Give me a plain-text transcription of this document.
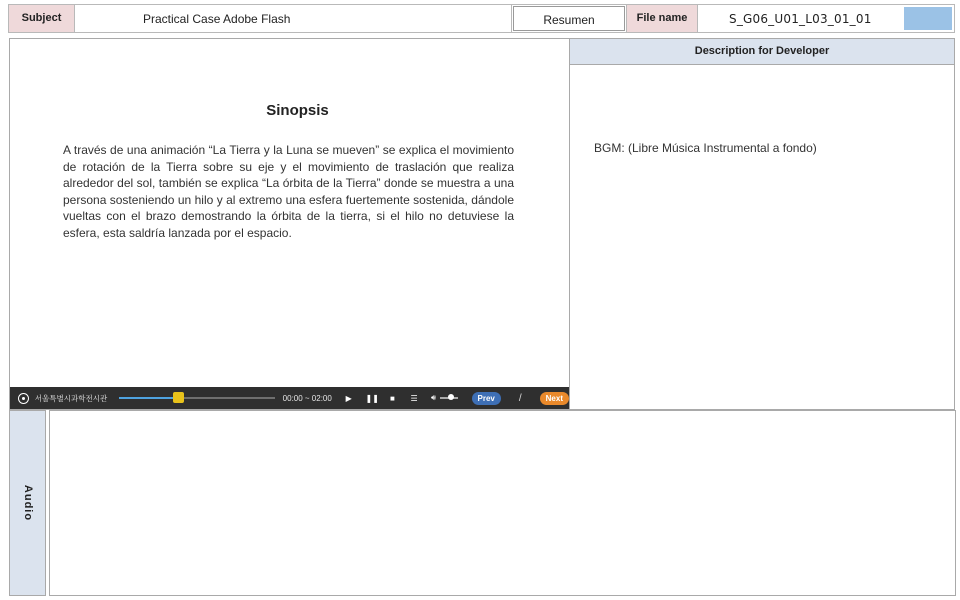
Subject	Practical Case Adobe Flash	Resumen	File name	S_G06_U01_L03_01_01
Sinopsis
A través de una animación “La Tierra y la Luna se mueven” se explica el movimiento de rotación de la Tierra sobre su eje y el movimiento de traslación que realiza alrededor del sol, también se explica “La órbita de la Tierra” donde se muestra a una persona sosteniendo un hilo y al extremo una esfera fuertemente sostenida, dándole vueltas con el brazo demostrando la órbita de la tierra, si el hilo no detuviese la esfera, esta saldría lanzada por el espacio.
서울특별시과학전시관	00:00 ~ 02:00 ▶ ❚❚	■	☰ 🔊︎	Prev	/	Next
Description for Developer
BGM: (Libre Música Instrumental a fondo)
Audio
